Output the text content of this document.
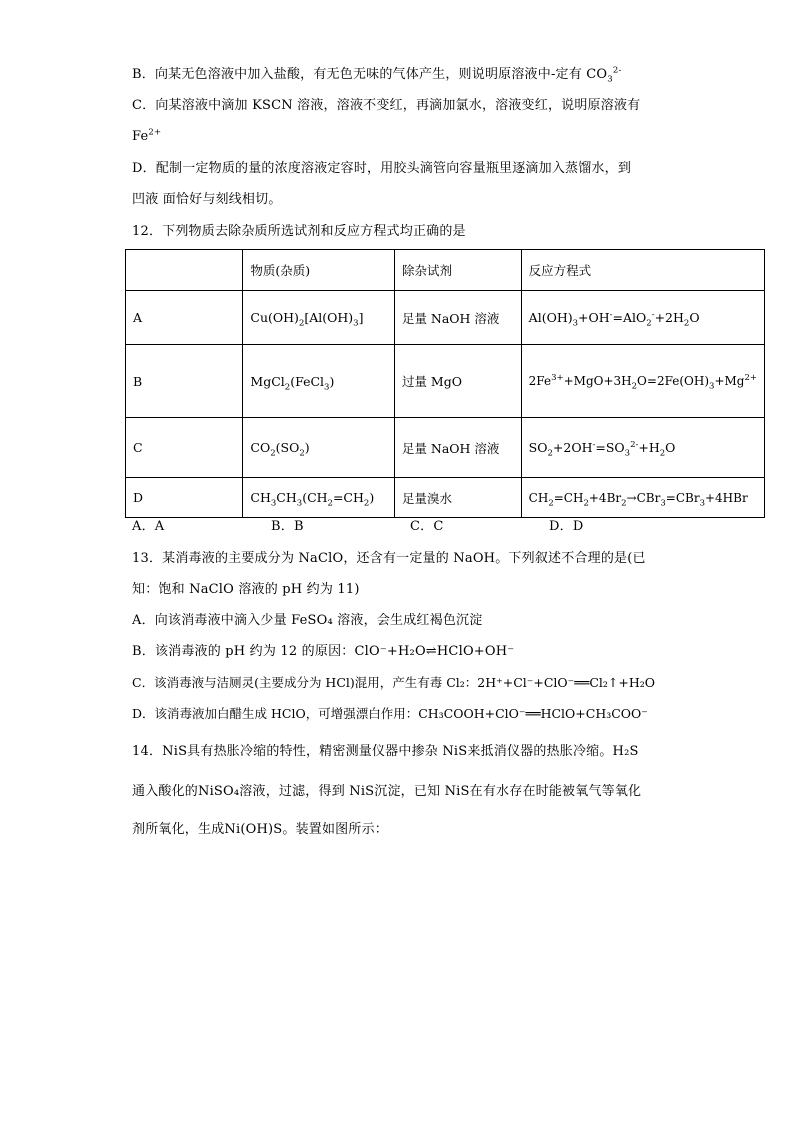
B．向某无色溶液中加入盐酸，有无色无味的气体产生，则说明原溶液中-定有 $CO_3^{2-}$
C．向某溶液中滴加 KSCN 溶液，溶液不变红，再滴加氯水，溶液变红，说明原溶液有
$Fe^{2+}$
D．配制一定物质的量的浓度溶液定容时，用胶头滴管向容量瓶里逐滴加入蒸馏水，到
凹液 面恰好与刻线相切。
12．下列物质去除杂质所选试剂和反应方程式均正确的是
	物质(杂质)	除杂试剂	反应方程式
A	$Cu(OH)_2[Al(OH)_3]$	足量 NaOH 溶液	$Al(OH)_3+OH^-=AlO_2^-+2H_2O$
B	MgCl$_2$(FeCl$_3$)	过量 MgO	$2Fe^{3+}+MgO+3H_2O=2Fe(OH)_3+Mg^{2+}$
C	$CO_2(SO_2)$	足量 NaOH 溶液	$SO_2+2OH^-=SO_3^{2-}+H_2O$
D	$CH_3CH_3(CH_2=CH_2)$	足量溴水	$CH_2=CH_2+4Br_2\to CBr_3=CBr_3+4HBr$
A．A	B．B	C．C	D．D
13．某消毒液的主要成分为 NaClO，还含有一定量的 NaOH。下列叙述不合理的是(已
知：饱和 NaClO 溶液的 pH 约为 11)
A．向该消毒液中滴入少量 FeSO₄ 溶液，会生成红褐色沉淀
B．该消毒液的 pH 约为 12 的原因：ClO⁻+H₂O⇌HClO+OH⁻
C．该消毒液与洁厕灵(主要成分为 HCl)混用，产生有毒 Cl₂：2H⁺+Cl⁻+ClO⁻══Cl₂↑+H₂O
D．该消毒液加白醋生成 HClO，可增强漂白作用：CH₃COOH+ClO⁻══HClO+CH₃COO⁻
14．NiS具有热胀冷缩的特性，精密测量仪器中掺杂 NiS来抵消仪器的热胀冷缩。H₂S
通入酸化的NiSO₄溶液，过滤，得到 NiS沉淀，已知 NiS在有水存在时能被氧气等氧化
剂所氧化，生成Ni(OH)S。装置如图所示：
